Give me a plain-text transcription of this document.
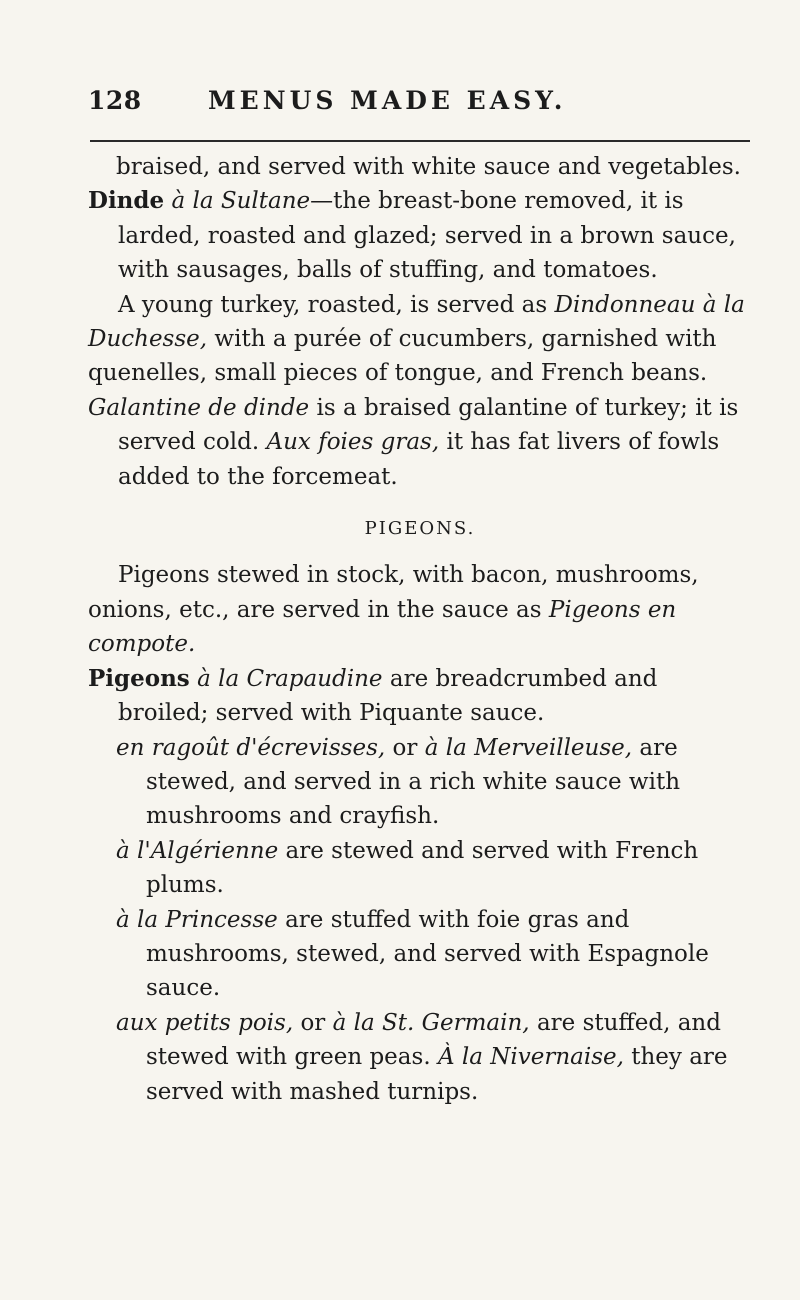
128	MENUS MADE EASY.

braised, and served with white sauce and vegetables.

Dinde à la Sultane—the breast-bone removed, it is larded, roasted and glazed; served in a brown sauce, with sausages, balls of stuffing, and tomatoes.

A young turkey, roasted, is served as Dindonneau à la Duchesse, with a purée of cucumbers, garnished with quenelles, small pieces of tongue, and French beans.

Galantine de dinde is a braised galantine of turkey; it is served cold. Aux foies gras, it has fat livers of fowls added to the forcemeat.

PIGEONS.

Pigeons stewed in stock, with bacon, mushrooms, onions, etc., are served in the sauce as Pigeons en compote.

Pigeons à la Crapaudine are breadcrumbed and broiled; served with Piquante sauce.

en ragoût d'écrevisses, or à la Merveilleuse, are stewed, and served in a rich white sauce with mushrooms and crayfish.

à l'Algérienne are stewed and served with French plums.

à la Princesse are stuffed with foie gras and mushrooms, stewed, and served with Espagnole sauce.

aux petits pois, or à la St. Germain, are stuffed, and stewed with green peas. À la Nivernaise, they are served with mashed turnips.
